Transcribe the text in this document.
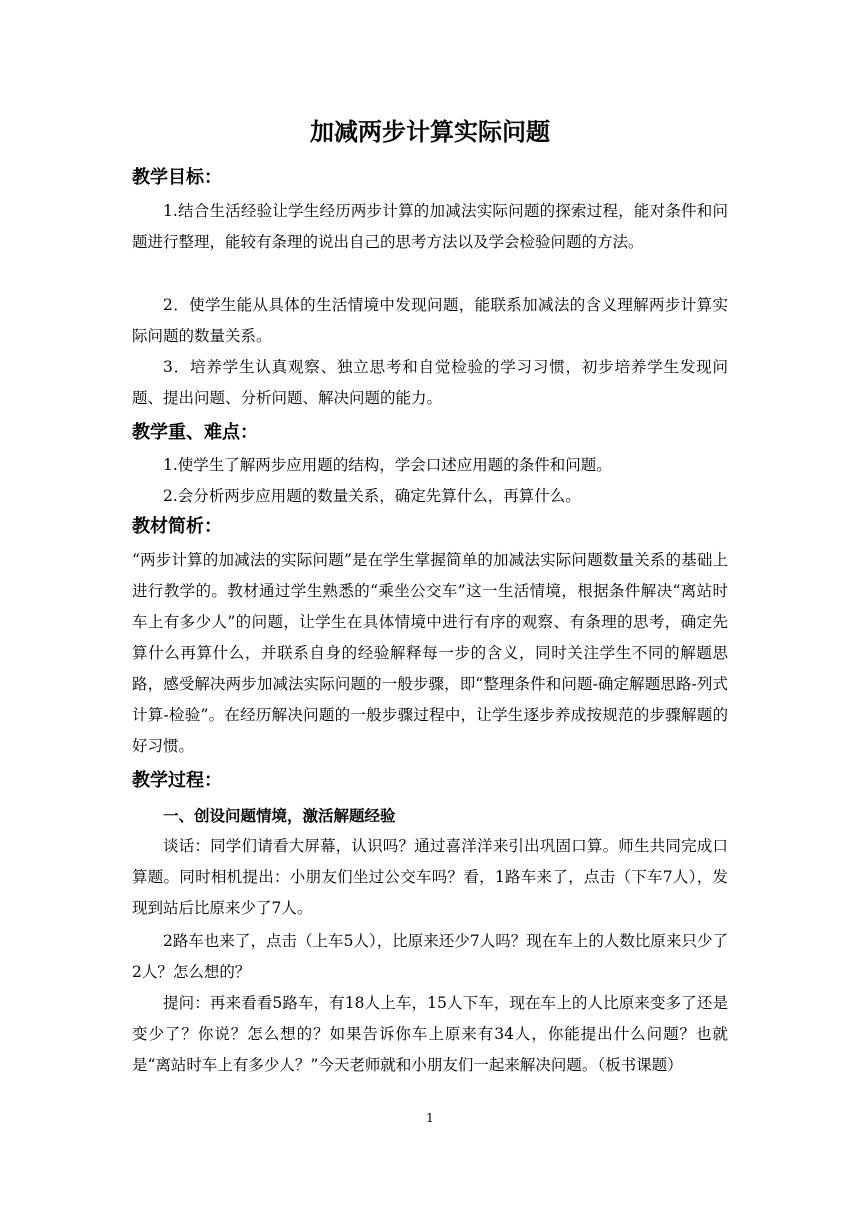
加减两步计算实际问题
教学目标：

1.结合生活经验让学生经历两步计算的加减法实际问题的探索过程，能对条件和问题进行整理，能较有条理的说出自己的思考方法以及学会检验问题的方法。

2．使学生能从具体的生活情境中发现问题，能联系加减法的含义理解两步计算实际问题的数量关系。

3．培养学生认真观察、独立思考和自觉检验的学习习惯，初步培养学生发现问题、提出问题、分析问题、解决问题的能力。

教学重、难点：

1.使学生了解两步应用题的结构，学会口述应用题的条件和问题。

2.会分析两步应用题的数量关系，确定先算什么，再算什么。

教材简析：

“两步计算的加减法的实际问题”是在学生掌握简单的加减法实际问题数量关系的基础上进行教学的。教材通过学生熟悉的“乘坐公交车”这一生活情境，根据条件解决“离站时车上有多少人”的问题，让学生在具体情境中进行有序的观察、有条理的思考，确定先算什么再算什么，并联系自身的经验解释每一步的含义，同时关注学生不同的解题思路，感受解决两步加减法实际问题的一般步骤，即“整理条件和问题-确定解题思路-列式计算-检验”。在经历解决问题的一般步骤过程中，让学生逐步养成按规范的步骤解题的好习惯。

教学过程：

一、创设问题情境，激活解题经验

谈话：同学们请看大屏幕，认识吗？通过喜洋洋来引出巩固口算。师生共同完成口算题。同时相机提出：小朋友们坐过公交车吗？看，1路车来了，点击（下车7人），发现到站后比原来少了7人。

2路车也来了，点击（上车5人），比原来还少7人吗？现在车上的人数比原来只少了2人？怎么想的？

提问：再来看看5路车，有18人上车，15人下车，现在车上的人比原来变多了还是变少了？你说？怎么想的？如果告诉你车上原来有34人，你能提出什么问题？也就是“离站时车上有多少人？”今天老师就和小朋友们一起来解决问题。（板书课题）

1
